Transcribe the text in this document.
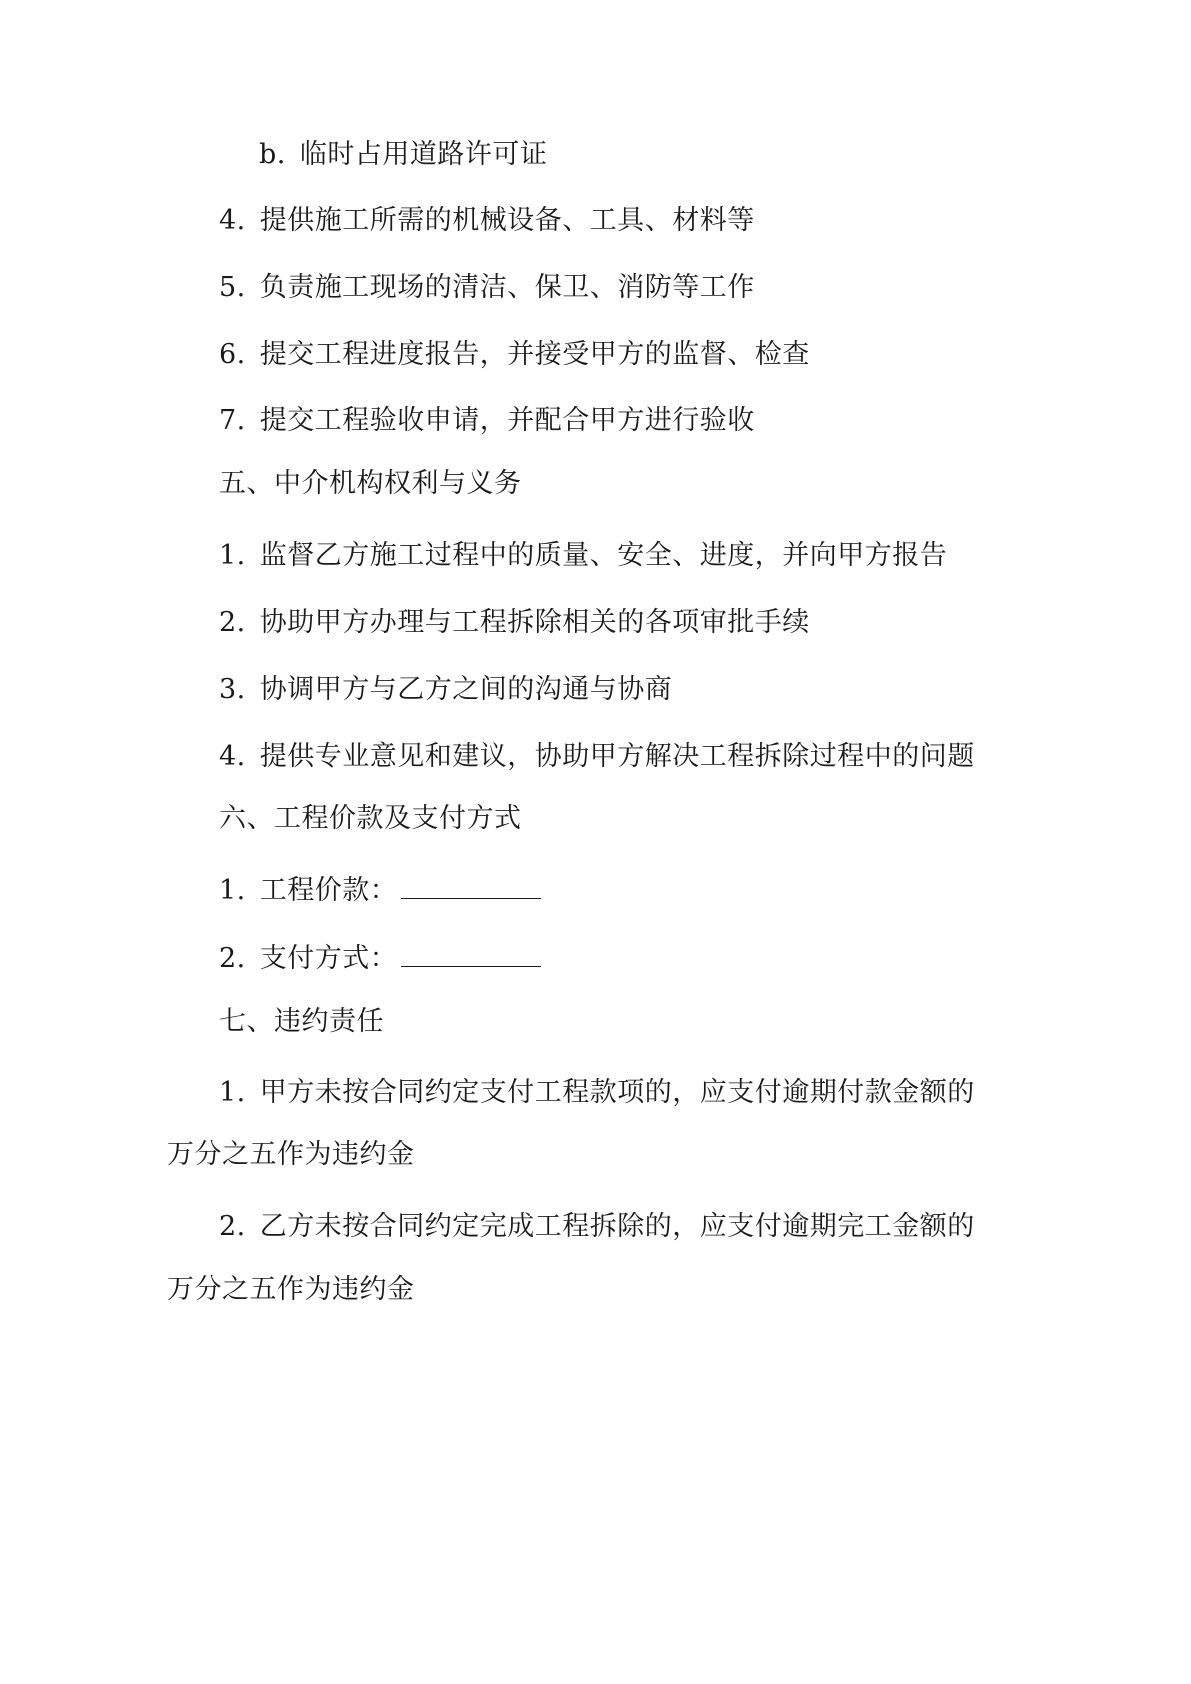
b. 临时占用道路许可证
4. 提供施工所需的机械设备、工具、材料等
5. 负责施工现场的清洁、保卫、消防等工作
6. 提交工程进度报告，并接受甲方的监督、检查
7. 提交工程验收申请，并配合甲方进行验收
五、中介机构权利与义务
1. 监督乙方施工过程中的质量、安全、进度，并向甲方报告
2. 协助甲方办理与工程拆除相关的各项审批手续
3. 协调甲方与乙方之间的沟通与协商
4. 提供专业意见和建议，协助甲方解决工程拆除过程中的问题
六、工程价款及支付方式
1. 工程价款：
2. 支付方式：
七、违约责任
1. 甲方未按合同约定支付工程款项的，应支付逾期付款金额的
万分之五作为违约金
2. 乙方未按合同约定完成工程拆除的，应支付逾期完工金额的
万分之五作为违约金
